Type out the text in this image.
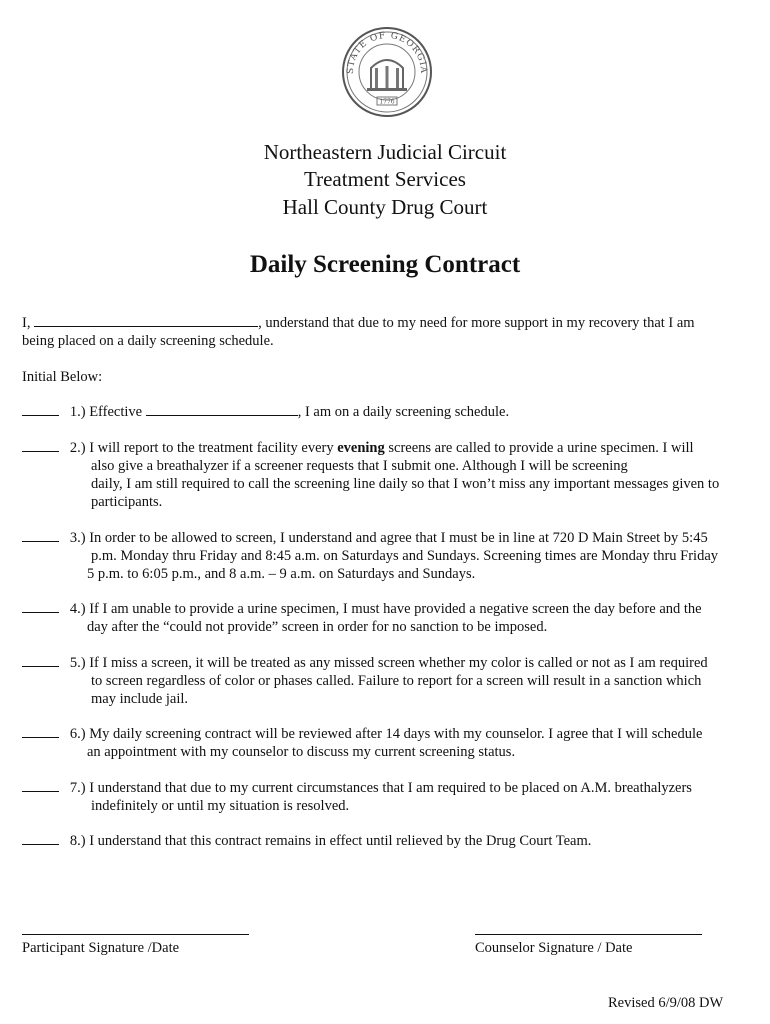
STATE OF GEORGIA
1776
Northeastern Judicial Circuit
Treatment Services
Hall County Drug Court
Daily Screening Contract
I,	, understand that due to my need for more support in my recovery that I am
being placed on a daily screening schedule.
Initial Below:
1.) Effective	, I am on a daily screening schedule.
2.) I will report to the treatment facility every evening screens are called to provide a urine specimen. I will
also give a breathalyzer if a screener requests that I submit one. Although I will be screening
daily, I am still required to call the screening line daily so that I won’t miss any important messages given to
participants.
3.) In order to be allowed to screen, I understand and agree that I must be in line at 720 D Main Street by 5:45
p.m. Monday thru Friday and 8:45 a.m. on Saturdays and Sundays. Screening times are Monday thru Friday
5 p.m. to 6:05 p.m., and 8 a.m. – 9 a.m. on Saturdays and Sundays.
4.) If I am unable to provide a urine specimen, I must have provided a negative screen the day before and the
day after the “could not provide” screen in order for no sanction to be imposed.
5.) If I miss a screen, it will be treated as any missed screen whether my color is called or not as I am required
to screen regardless of color or phases called. Failure to report for a screen will result in a sanction which
may include jail.
6.) My daily screening contract will be reviewed after 14 days with my counselor. I agree that I will schedule
an appointment with my counselor to discuss my current screening status.
7.) I understand that due to my current circumstances that I am required to be placed on A.M. breathalyzers
indefinitely or until my situation is resolved.
8.) I understand that this contract remains in effect until relieved by the Drug Court Team.
Participant Signature /Date	Counselor Signature / Date
Revised 6/9/08 DW
